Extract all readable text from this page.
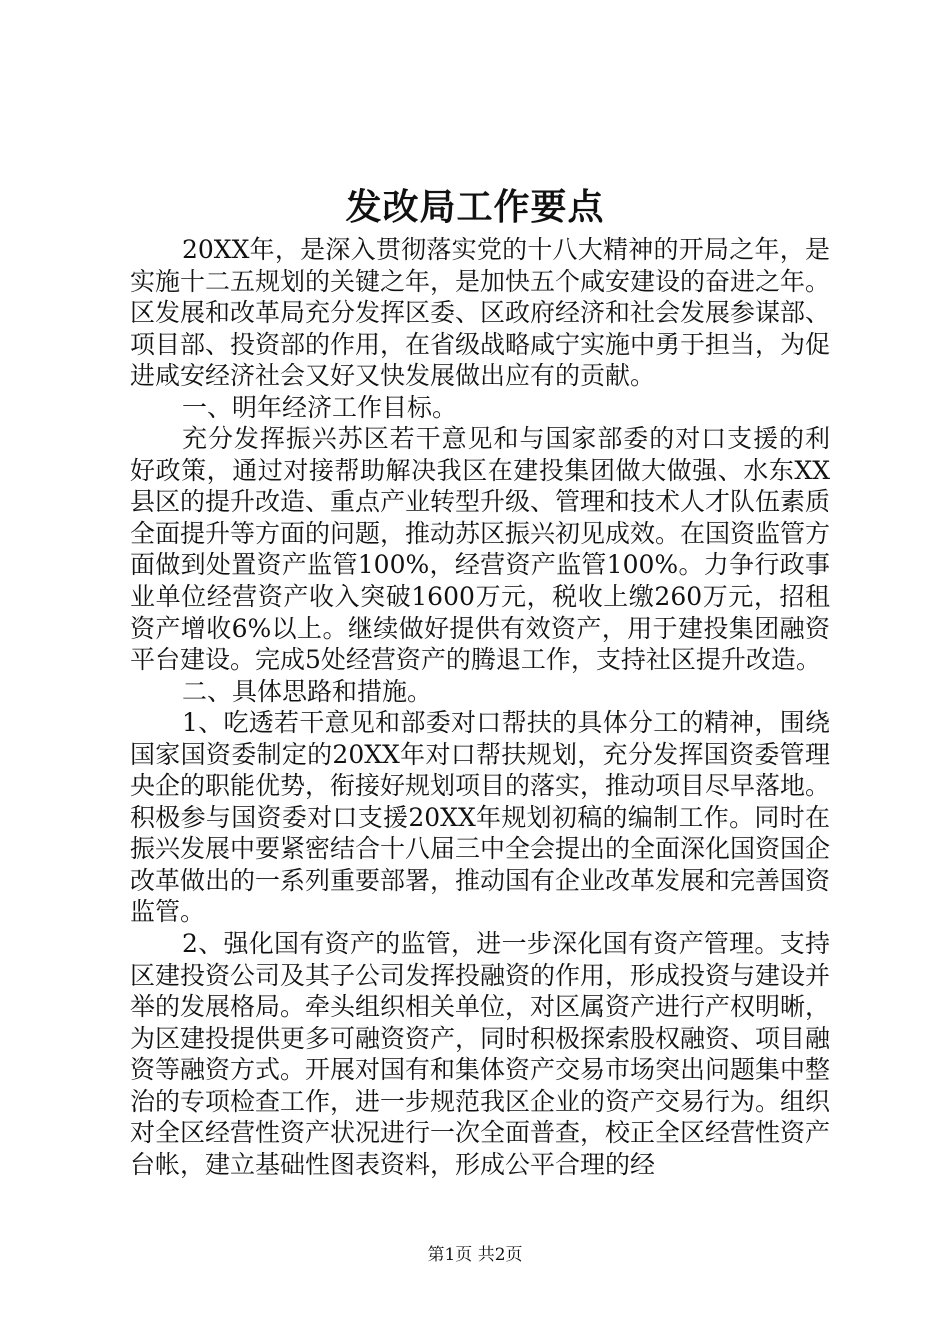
发改局工作要点

20XX年，是深入贯彻落实党的十八大精神的开局之年，是实施十二五规划的关键之年，是加快五个咸安建设的奋进之年。区发展和改革局充分发挥区委、区政府经济和社会发展参谋部、项目部、投资部的作用，在省级战略咸宁实施中勇于担当，为促进咸安经济社会又好又快发展做出应有的贡献。

一、明年经济工作目标。

充分发挥振兴苏区若干意见和与国家部委的对口支援的利好政策，通过对接帮助解决我区在建投集团做大做强、水东XX县区的提升改造、重点产业转型升级、管理和技术人才队伍素质全面提升等方面的问题，推动苏区振兴初见成效。在国资监管方面做到处置资产监管100%，经营资产监管100%。力争行政事业单位经营资产收入突破1600万元，税收上缴260万元，招租资产增收6%以上。继续做好提供有效资产，用于建投集团融资平台建设。完成5处经营资产的腾退工作，支持社区提升改造。

二、具体思路和措施。

1、吃透若干意见和部委对口帮扶的具体分工的精神，围绕国家国资委制定的20XX年对口帮扶规划，充分发挥国资委管理央企的职能优势，衔接好规划项目的落实，推动项目尽早落地。积极参与国资委对口支援20XX年规划初稿的编制工作。同时在振兴发展中要紧密结合十八届三中全会提出的全面深化国资国企改革做出的一系列重要部署，推动国有企业改革发展和完善国资监管。

2、强化国有资产的监管，进一步深化国有资产管理。支持区建投资公司及其子公司发挥投融资的作用，形成投资与建设并举的发展格局。牵头组织相关单位，对区属资产进行产权明晰，为区建投提供更多可融资资产，同时积极探索股权融资、项目融资等融资方式。开展对国有和集体资产交易市场突出问题集中整治的专项检查工作，进一步规范我区企业的资产交易行为。组织对全区经营性资产状况进行一次全面普查，校正全区经营性资产台帐，建立基础性图表资料，形成公平合理的经

第1页 共2页
